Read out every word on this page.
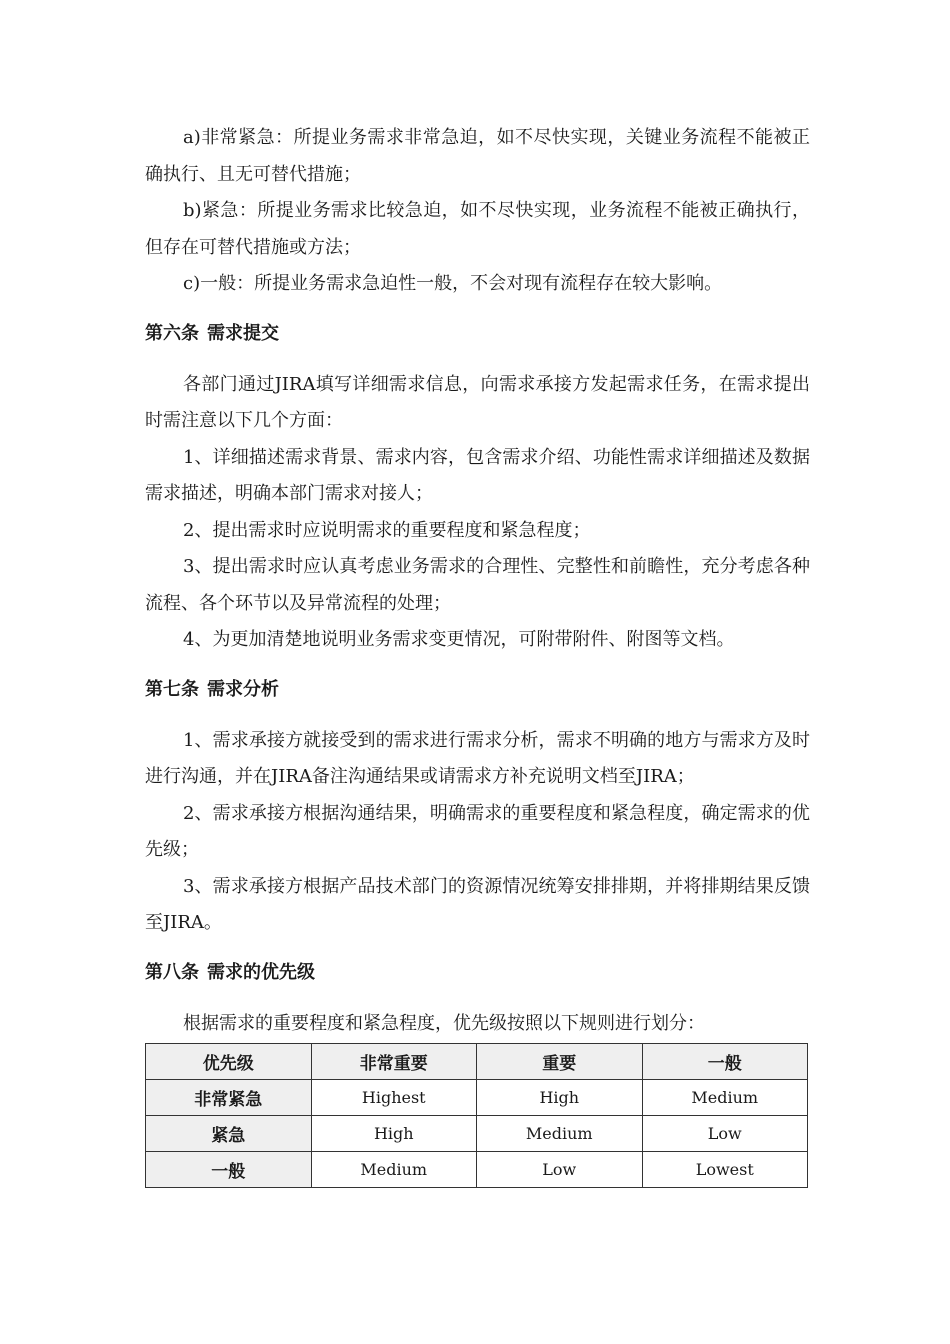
a)非常紧急：所提业务需求非常急迫，如不尽快实现，关键业务流程不能被正确执行、且无可替代措施；

b)紧急：所提业务需求比较急迫，如不尽快实现，业务流程不能被正确执行，但存在可替代措施或方法；

c)一般：所提业务需求急迫性一般，不会对现有流程存在较大影响。

第六条 需求提交

各部门通过JIRA填写详细需求信息，向需求承接方发起需求任务，在需求提出时需注意以下几个方面：

1、详细描述需求背景、需求内容，包含需求介绍、功能性需求详细描述及数据需求描述，明确本部门需求对接人；

2、提出需求时应说明需求的重要程度和紧急程度；

3、提出需求时应认真考虑业务需求的合理性、完整性和前瞻性，充分考虑各种流程、各个环节以及异常流程的处理；

4、为更加清楚地说明业务需求变更情况，可附带附件、附图等文档。

第七条 需求分析

1、需求承接方就接受到的需求进行需求分析，需求不明确的地方与需求方及时进行沟通，并在JIRA备注沟通结果或请需求方补充说明文档至JIRA；

2、需求承接方根据沟通结果，明确需求的重要程度和紧急程度，确定需求的优先级；

3、需求承接方根据产品技术部门的资源情况统筹安排排期，并将排期结果反馈至JIRA。

第八条 需求的优先级

根据需求的重要程度和紧急程度，优先级按照以下规则进行划分：

优先级	非常重要	重要	一般
非常紧急	Highest	High	Medium
紧急	High	Medium	Low
一般	Medium	Low	Lowest
